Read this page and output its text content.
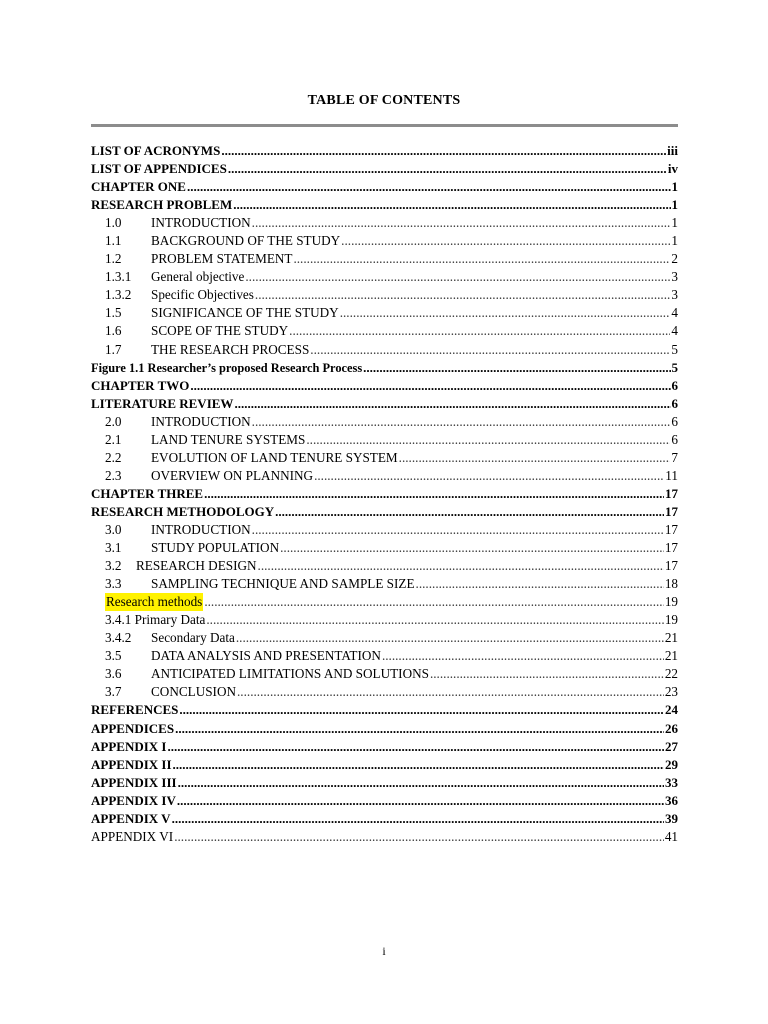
TABLE OF CONTENTS
LIST OF ACRONYMS .....	iii
LIST OF APPENDICES .....	iv
CHAPTER ONE .....	1
RESEARCH PROBLEM .....	1
1.0	INTRODUCTION .....	1
1.1	BACKGROUND OF THE STUDY .....	1
1.2	PROBLEM STATEMENT .....	2
1.3.1	General objective .....	3
1.3.2	Specific Objectives .....	3
1.5	SIGNIFICANCE OF THE STUDY .....	4
1.6	SCOPE OF THE STUDY .....	4
1.7	THE RESEARCH PROCESS .....	5
Figure 1.1 Researcher’s proposed Research Process .....	5
CHAPTER TWO .....	6
LITERATURE REVIEW .....	6
2.0	INTRODUCTION .....	6
2.1	LAND TENURE SYSTEMS .....	6
2.2	EVOLUTION OF LAND TENURE SYSTEM .....	7
2.3	OVERVIEW ON PLANNING .....	11
CHAPTER THREE .....	17
RESEARCH METHODOLOGY .....	17
3.0	INTRODUCTION .....	17
3.1	STUDY POPULATION .....	17
3.2	RESEARCH DESIGN .....	17
3.3	SAMPLING TECHNIQUE AND SAMPLE SIZE .....	18
Research methods .....	19
3.4.1 Primary Data .....	19
3.4.2	Secondary Data .....	21
3.5	DATA ANALYSIS AND PRESENTATION .....	21
3.6	ANTICIPATED LIMITATIONS AND SOLUTIONS .....	22
3.7	CONCLUSION .....	23
REFERENCES .....	24
APPENDICES .....	26
APPENDIX I .....	27
APPENDIX II .....	29
APPENDIX III .....	33
APPENDIX IV .....	36
APPENDIX V .....	39
APPENDIX VI .....	41
i
